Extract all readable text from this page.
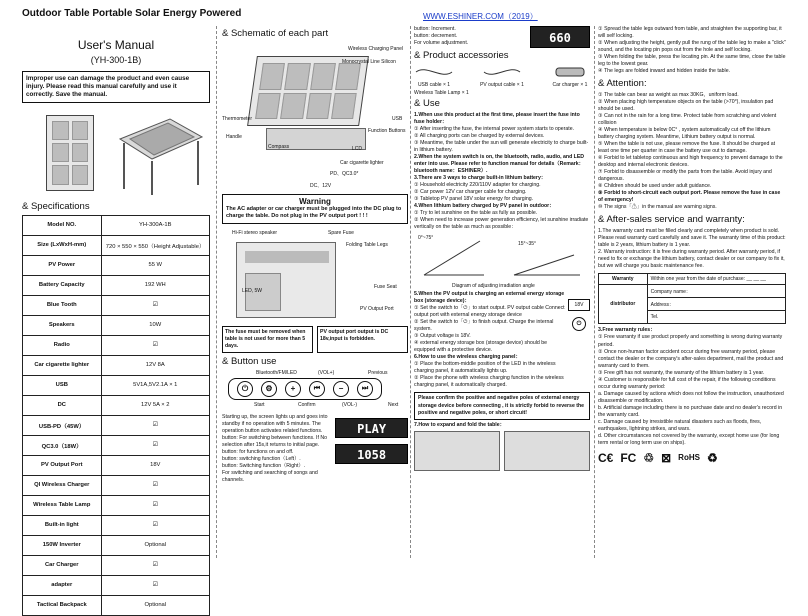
Outdoor Table Portable Solar Energy Powered	WWW.ESHINER.COM（2019）
User's Manual
(YH-300-1B)
Improper use can damage the product and even cause injury. Please read this manual carefully and use it correctly. Save the manual.
& Specifications
Model NO.	YH-300A-1B
Size (LxWxH-mm)	720 × 550 × 550（Height Adjustable）
PV Power	55 W
Battery Capacity	192 WH
Blue Tooth	☑
Speakers	10W
Radio	☑
Car cigarette lighter	12V 8A
USB	5V1A,5V2.1A × 1
DC	12V 5A × 2
USB-PD（45W）	☑
QC3.0（18W）	☑
PV Output Port	18V
QI Wireless Charger	☑
Wireless Table Lamp	☑
Built-in light	☑
150W Inverter	Optional
Car Charger	☑
adapter	☑
Tactical Backpack	Optional
& Schematic of each part
Wireless Charging Panel
Monocrystal Line Silicon
Thermometer	USB
Function Buttons
Handle
Compass	LCD
Car cigarette lighter
PD、QC3.0*
DC、12V
Warning
The AC adapter or car charger must be plugged into the DC plug to charge the table. Do not plug in the PV output port ! ! !
Hi-Fi stereo speaker	Spare Fuse
Folding Table Legs
Fuse Seat
LED, 5W
PV Output Port
The fuse must be removed when table is not used for more than 5 days.
PV output port output is DC 18v,input is forbidden.
& Button use
Bluetooth/FM/LED	(VOL+)	Previous
⏻	⚙	+	⏮	−	⏭
Start	Confirm	(VOL-)	Next
Starting up, the screen lights up and goes into standby if no operation with 5 minutes. The operation button activates related functions.
button: For switching between functions. If No selection after 15s,it returns to initial page.
button: for functions on and off.
button: switching function（Left）.
button: Switching function（Right）.
For switching and searching of songs and channels.
PLAY
1058
button: Increment.
button: decrement.
For volume adjustment.	660
& Product accessories
USB cable × 1	PV output cable × 1	Car charger × 1
Wireless Table Lamp × 1
& Use
1.When use this product at the first time, please insert the fuse into fuse holder：
① After inserting the fuse, the internal power system starts to operate.
② All charging ports can be charged by external devices.
③ Meantime, the table under the sun will generate electricity to charge built-in lithium battery.
2.When the system switch is on, the bluetooth, radio, audio, and LED enter into use. Please refer to function manual for details（Remark：bluetooth name：ESHINER）.
3.There are 3 ways to charge built-in lithium battery：
① Household electricity 220/110V adapter for charging.
② Car power 12V car charger cable for charging.
③ Tabletop PV panel 18V solar energy for charging.
4.When lithium battery charged by PV panel in outdoor：
① Try to let sunshine on the table as fully as possible.
② When need to increase power generation efficiency, let sunshine irradiate vertically on the table as much as possible：
0°~75°
15°~35°
Diagram of adjusting irradiation angle
5.When the PV output is charging an external energy storage box (storage device)：
① Set the switch to「⏻」to start output. PV output cable Connect output port with external energy storage device
② Set the switch to「⏻」to finish output. Charge the internal system.
③ Output voltage is 18V.
④ external energy storage box (storage device) should be equipped with a protective device.
6.How to use the wireless charging panel：
① Place the bottom-middle position of the LED in the wireless charging panel, it automatically lights up.
② Place the phone with wireless charging function in the wireless charging panel, it automatically charged.
18V
⏻
Please confirm the positive and negative poles of external energy storage device before connecting , it is strictly forbid to reverse the positive and negative poles, or short circuit!
7.How to expand and fold the table：
① Spread the table legs outward from table, and straighten the supporting bar, it will self locking.
② When adjusting the height, gently pull the rung of the table leg to make a "click" sound, and the locating pin pops out from the hole and self locking.
③ When folding the table, press the locating pin. At the same time, close the table leg to the lowest gear.
④ The legs are folded inward and hidden inside the table.
& Attention:
① The table can bear as weight as max 30KG，uniform load.
② When placing high temperature objects on the table (>70°), insulation pad should be used.
③ Can not in the rain for a long time. Protect table from scratching and violent collision
④ When temperature is below 0C° , system automatically cut off the lithium battery charging system. Meantime, Lithium battery output is normal.
⑤ When the table is not use, please remove the fuse. It should be charged at least one time per quarter in case the battery use out to damage.
⑥ Forbid to let tabletop continuous and high frequency to prevent damage to the desktop and internal electronic devices.
⑦ Forbid to disassemble or modify the parts from the table. Avoid injury and dangerous.
⑧ Children should be used under adult guidance.
⑨ Forbid to short-circuit each output port. Please remove the fuse in case of emergency!
⑩ The signs「⚠」in the manual are warning signs.
& After-sales service and warranty:
1.The warranty card must be filled clearly and completely when product is sold. Please read warranty card carefully and save it. The warranty time of this product: table is 2 years, lithium battery is 1 year.
2. Warranty instruction: it is free during warranty period. After warranty period, if need to fix or exchange the lithium battery, contact dealer or our company to fix it, but we will charge you basic maintenance fee.
Warranty	Within one year from the date of purchase: __ __ __
distributor	Company name：
	Address：
	Tel.
3.Free warranty rules：
① Free warranty if use product properly and something is wrong during warranty period.
② Once non-human factor accident occur during free warranty period, please contact the dealer or the company's after-sales department, mail the product and warranty card to them.
③ Free gift has not warranty, the warranty of the lithium battery is 1 year.
④ Customer is responsible for full cost of the repair, if the following conditions occur during warranty period:
a. Damage caused by actions which does not follow the instruction, unauthorized disassemble or modification.
b. Artificial damage including there is no purchase date and no dealer's record in the warranty card.
c. Damage caused by irresistible natural disasters such as floods, fires, earthquakes, lightning strikes, and wars.
d. Other circumstances not covered by the warranty, except home use (for long term rental or long term use on ships).
C€ FC ♲ ⊠ RoHS ♻
